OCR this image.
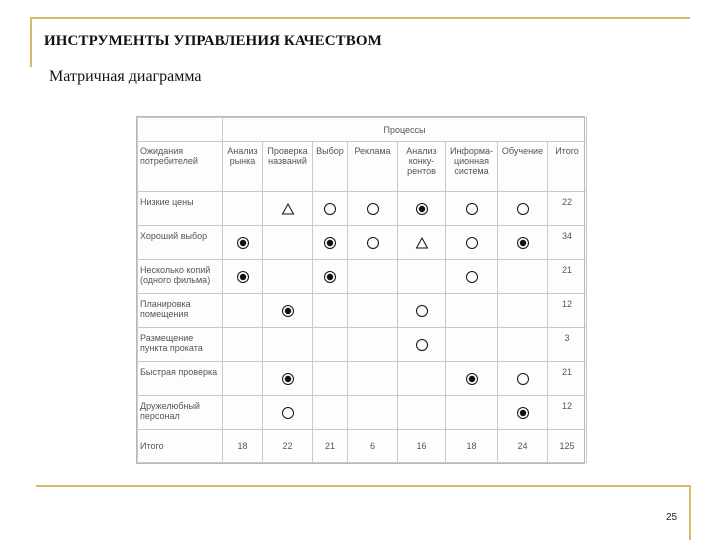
ИНСТРУМЕНТЫ УПРАВЛЕНИЯ КАЧЕСТВОМ
Матричная диаграмма
	Процессы							
Ожидания потребителей	Анализ рынка	Проверка названий	Выбор	Реклама	Анализ конку-рентов	Информа-ционная система	Обучение	Итого
Низкие цены								22
Хороший выбор								34
Несколько копий (одного фильма)								21
Планировка помещения								12
Размещение пункта проката								3
Быстрая проверка								21
Дружелюбный персонал								12
Итого	18	22	21	6	16	18	24	125
25
